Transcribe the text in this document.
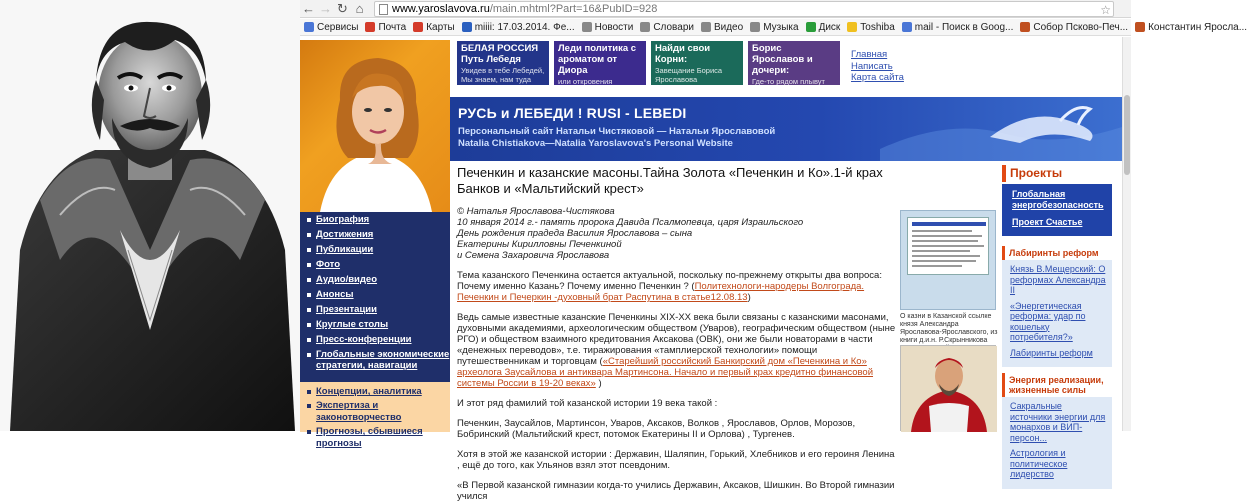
← → ↻ ⌂	www.yaroslavova.ru /main.mhtml?Part=16&PubID=928	☆
Сервисы Почта Карты miiii: 17.03.2014. Фе... Новости Словари Видео Музыка Диск Toshiba mail - Поиск в Goog... Собор Псково-Печ... Константин Яросла...
БЕЛАЯ РОССИЯ Путь Лебедя
Увидев в тебе Лебедей, Мы знаем, нам туда дорога
Леди политика с ароматом от Диора
или откровения Натальи Чистяковой
Найди свои Корни:
Завещание Бориса Ярославова
Борис Ярославов и дочери:
Где-то рядом плывут удача...
Главная
Написать
Карта сайта
РУСЬ и ЛЕБЕДИ ! RUSI - LEBEDI
Персональный сайт Натальи Чистяковой — Натальи Ярославовой
Natalia Chistiakova—Natalia Yaroslavova's Personal Website
Биография
Достижения
Публикации
Фото
Аудио/видео
Анонсы
Презентации
Круглые столы
Пресс-конференции
Глобальные экономические стратегии, навигации
Концепции, аналитика
Экспертиза и законотворчество
Прогнозы, сбывшиеся прогнозы
Печенкин и казанские масоны.Тайна Золота «Печенкин и Ко».1-й крах Банков и «Мальтийский крест»
© Наталья Ярославова-Чистякова
10 января 2014 г.- память пророка Давида Псалмопевца, царя Израильского
День рождения прадеда Василия Ярославова – сына
Екатерины Кирилловны Печенкиной
и Семена Захаровича Ярославова

Тема казанского Печенкина остается актуальной, поскольку по-прежнему открыты два вопроса: Почему именно Казань? Почему именно Печенкин ? (Политехнологи-народеры Волгограда. Печенкин и Печеркин -духовный брат Распутина в статье12.08.13)

Ведь самые известные казанские Печенкины XIX-XX века были связаны с казанскими масонами, духовными академиями, археологическим обществом (Уваров), географическим обществом (ныне РГО) и обществом взаимного кредитования Аксакова (ОВК), они же были новаторами в части «денежных переводов», т.е. тиражирования «тамплиерской технологии» помощи путешественникам и торговцам («Старейший российский Банкирский дом «Печенкина и Ко» археолога Заусайлова и антиквара Мартинсона. Начало и первый крах кредитно финансовой системы России в 19-20 веках» )

И этот ряд фамилий той казанской истории 19 века такой :

Печенкин, Заусайлов, Мартинсон, Уваров, Аксаков, Волков , Ярославов, Орлов, Морозов, Бобринский (Мальтийский крест, потомок Екатерины II и Орлова) , Тургенев.

Хотя в этой же казанской истории : Державин, Шаляпин, Горький, Хлебников и его героиня Ленина , ещё до того, как Ульянов взял этот псевдоним.

«В Первой казанской гимназии когда-то учились Державин, Аксаков, Шишкин. Во Второй гимназии учился

О казни в Казанской ссылке князя Александра Ярославова-Ярославского, из книги д.и.н. Р.Скрынникова
Проекты
Глобальная энергобезопасность
Проект Счастье
Лабиринты реформ
Князь В.Мещерский: О реформах Александра II
«Энергетическая реформа: удар по кошельку потребителя?»
Лабиринты реформ
Энергия реализации, жизненные силы
Сакральные источники энергии для монархов и ВИП-персон...
Астрология и политическое лидерство
